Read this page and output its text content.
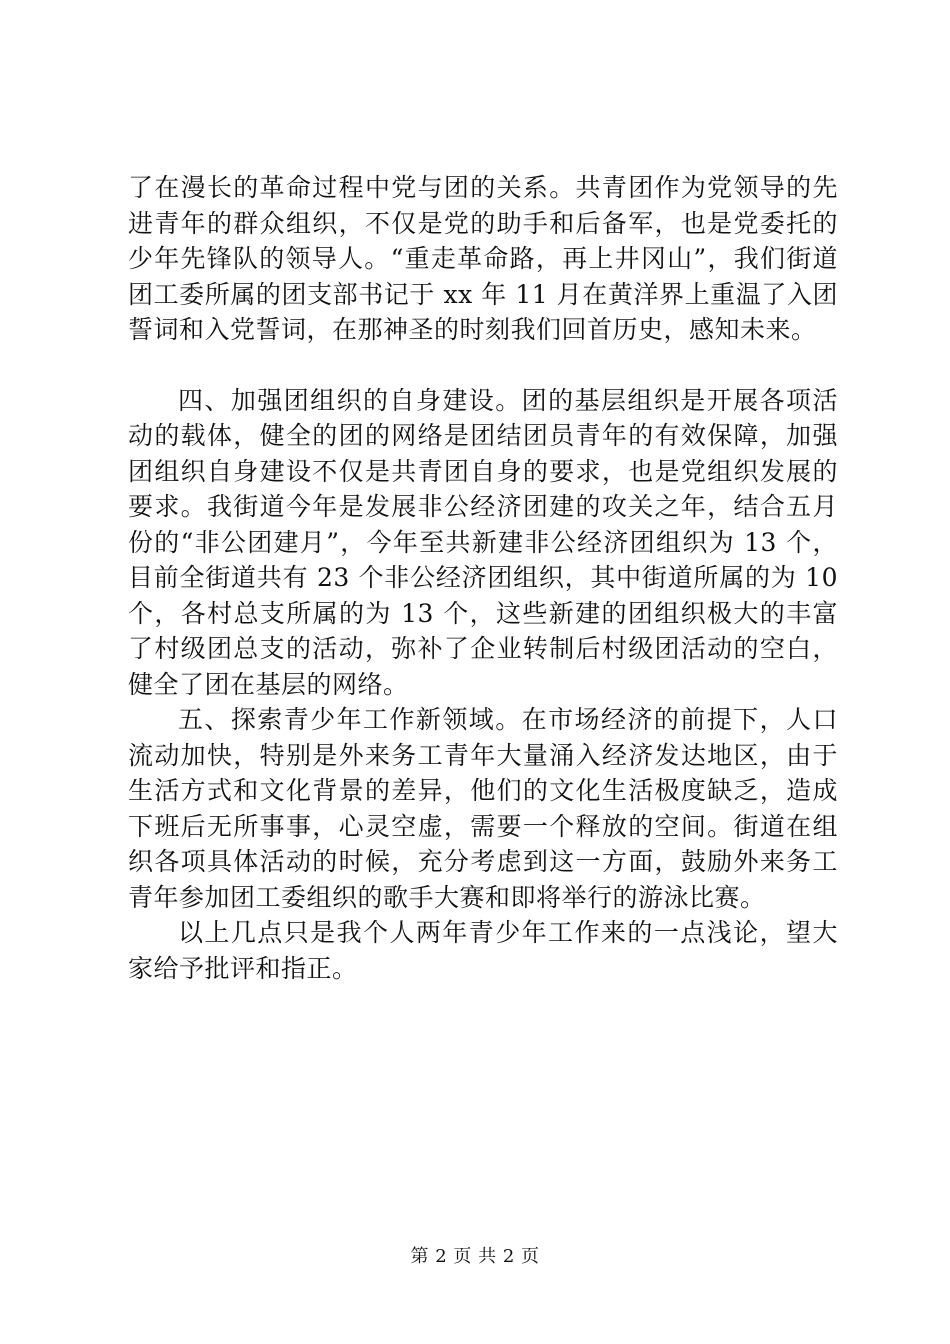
了在漫长的革命过程中党与团的关系。共青团作为党领导的先进青年的群众组织，不仅是党的助手和后备军，也是党委托的少年先锋队的领导人。“重走革命路，再上井冈山”，我们街道团工委所属的团支部书记于 xx 年 11 月在黄洋界上重温了入团誓词和入党誓词，在那神圣的时刻我们回首历史，感知未来。

四、加强团组织的自身建设。团的基层组织是开展各项活动的载体，健全的团的网络是团结团员青年的有效保障，加强团组织自身建设不仅是共青团自身的要求，也是党组织发展的要求。我街道今年是发展非公经济团建的攻关之年，结合五月份的“非公团建月”，今年至共新建非公经济团组织为 13 个，目前全街道共有 23 个非公经济团组织，其中街道所属的为 10 个，各村总支所属的为 13 个，这些新建的团组织极大的丰富了村级团总支的活动，弥补了企业转制后村级团活动的空白，健全了团在基层的网络。

五、探索青少年工作新领域。在市场经济的前提下，人口流动加快，特别是外来务工青年大量涌入经济发达地区，由于生活方式和文化背景的差异，他们的文化生活极度缺乏，造成下班后无所事事，心灵空虚，需要一个释放的空间。街道在组织各项具体活动的时候，充分考虑到这一方面，鼓励外来务工青年参加团工委组织的歌手大赛和即将举行的游泳比赛。

以上几点只是我个人两年青少年工作来的一点浅论，望大家给予批评和指正。

第 2 页 共 2 页
